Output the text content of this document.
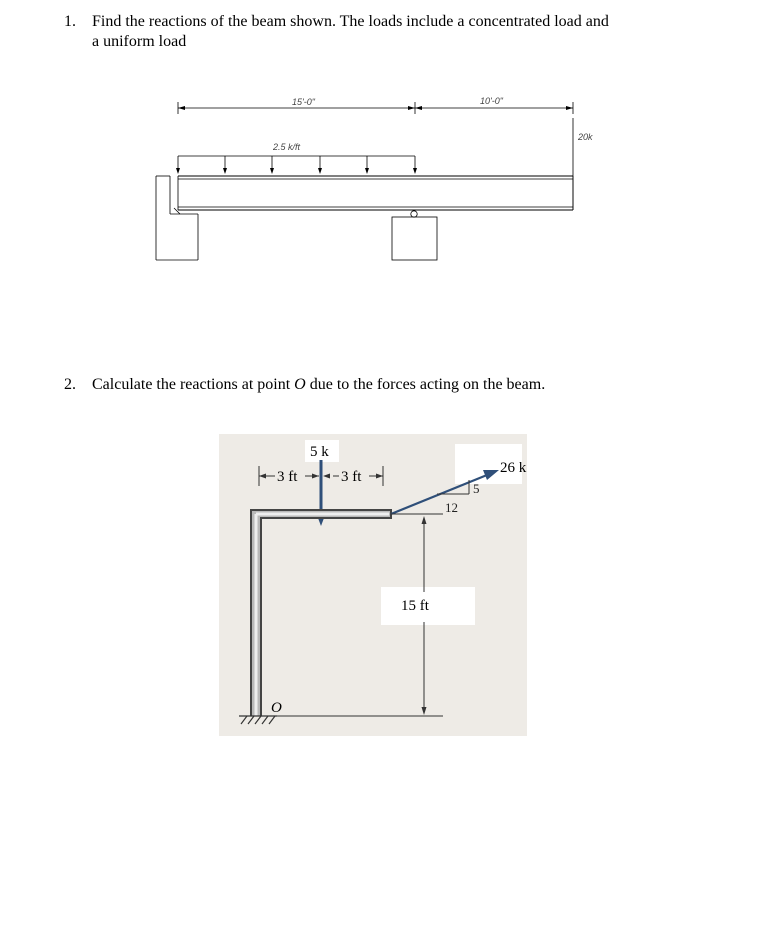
1. Find the reactions of the beam shown. The loads include a concentrated load and
a uniform load
15'-0"	10'-0"
2.5 k/ft
20k
2. Calculate the reactions at point O due to the forces acting on the beam.
3 ft	3 ft
5 k
O
26 k
5
12
15 ft
